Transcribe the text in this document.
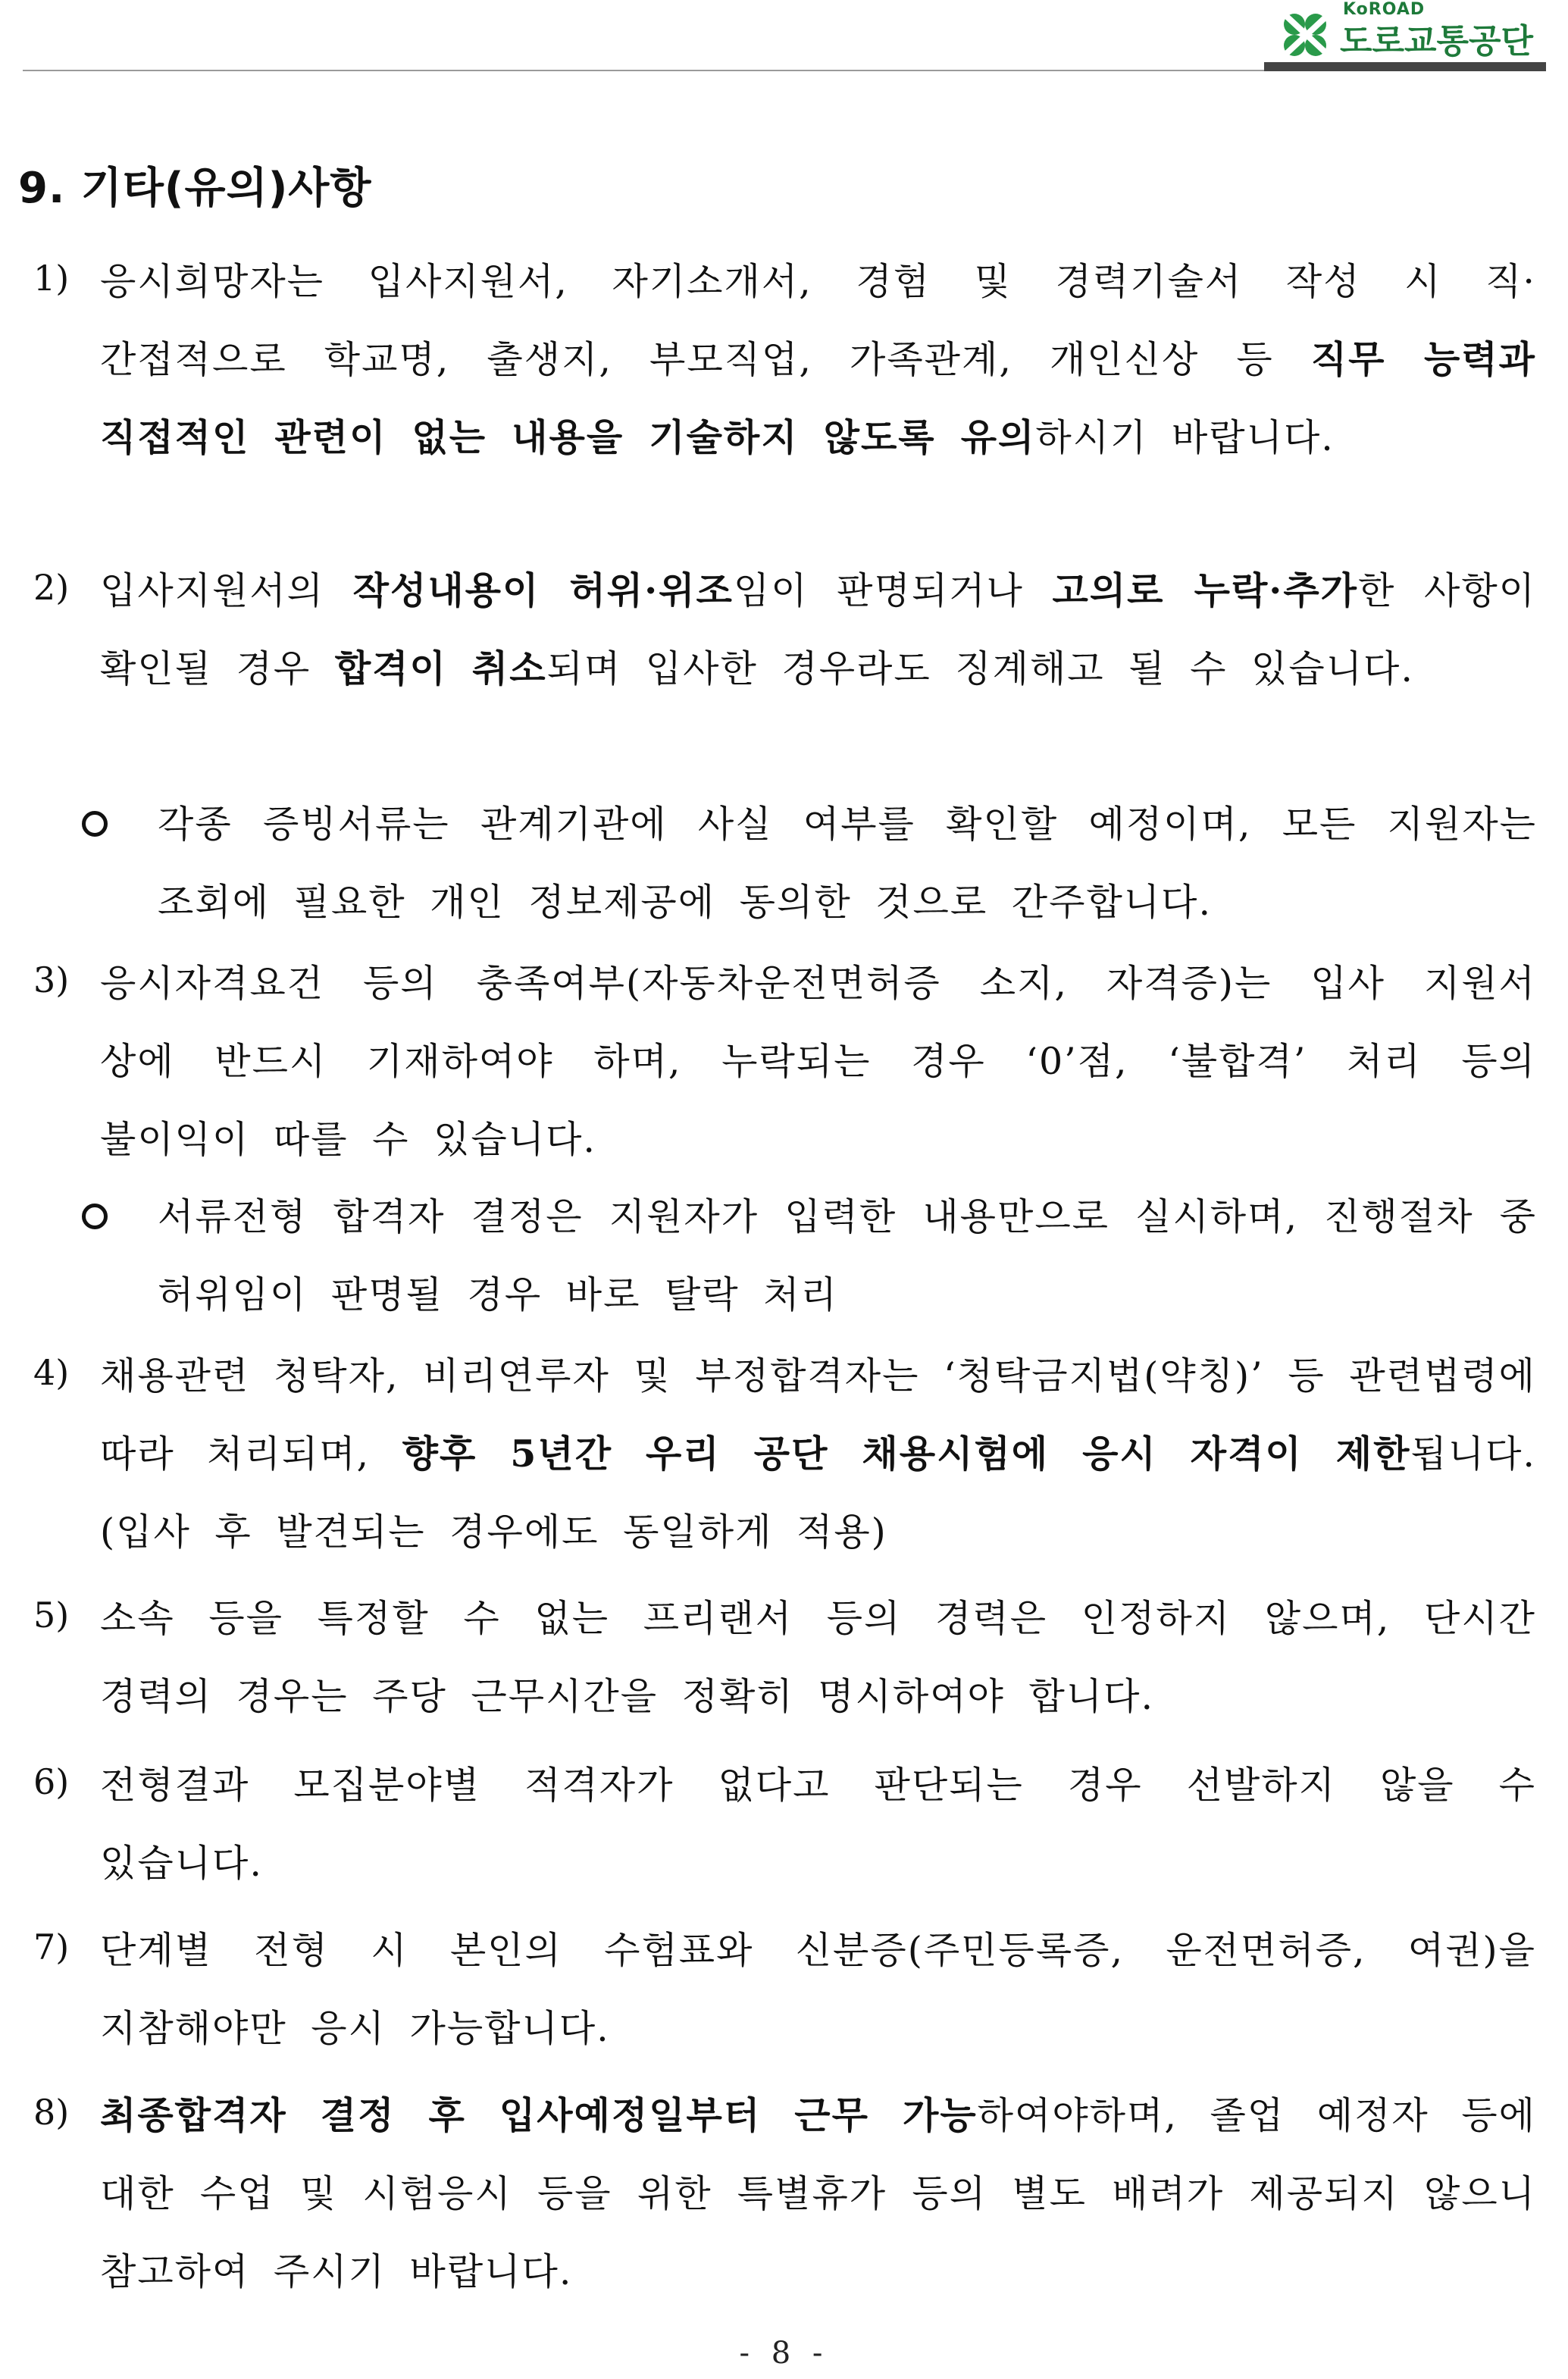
KoROAD
도로교통공단
9. 기타(유의)사항
1) 응시희망자는 입사지원서, 자기소개서, 경험 및 경력기술서 작성 시 직·간접적으로 학교명, 출생지, 부모직업, 가족관계, 개인신상 등 직무 능력과 직접적인 관련이 없는 내용을 기술하지 않도록 유의하시기 바랍니다.
2) 입사지원서의 작성내용이 허위·위조임이 판명되거나 고의로 누락·추가한 사항이 확인될 경우 합격이 취소되며 입사한 경우라도 징계해고 될 수 있습니다.
각종 증빙서류는 관계기관에 사실 여부를 확인할 예정이며, 모든 지원자는 조회에 필요한 개인 정보제공에 동의한 것으로 간주합니다.
3) 응시자격요건 등의 충족여부(자동차운전면허증 소지, 자격증)는 입사 지원서 상에 반드시 기재하여야 하며, 누락되는 경우 ‘0’점, ‘불합격’ 처리 등의 불이익이 따를 수 있습니다.
서류전형 합격자 결정은 지원자가 입력한 내용만으로 실시하며, 진행절차 중 허위임이 판명될 경우 바로 탈락 처리
4) 채용관련 청탁자, 비리연루자 및 부정합격자는 ‘청탁금지법(약칭)’ 등 관련법령에 따라 처리되며, 향후 5년간 우리 공단 채용시험에 응시 자격이 제한됩니다.(입사 후 발견되는 경우에도 동일하게 적용)
5) 소속 등을 특정할 수 없는 프리랜서 등의 경력은 인정하지 않으며, 단시간 경력의 경우는 주당 근무시간을 정확히 명시하여야 합니다.
6) 전형결과 모집분야별 적격자가 없다고 판단되는 경우 선발하지 않을 수 있습니다.
7) 단계별 전형 시 본인의 수험표와 신분증(주민등록증, 운전면허증, 여권)을 지참해야만 응시 가능합니다.
8) 최종합격자 결정 후 입사예정일부터 근무 가능하여야하며, 졸업 예정자 등에 대한 수업 및 시험응시 등을 위한 특별휴가 등의 별도 배려가 제공되지 않으니 참고하여 주시기 바랍니다.
- 8 -
